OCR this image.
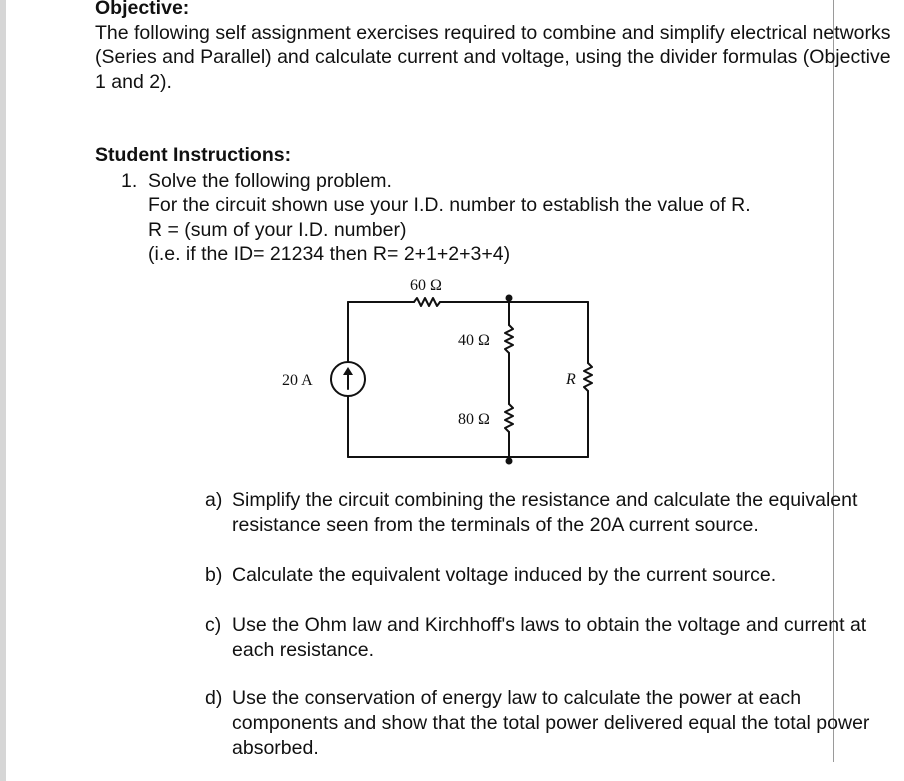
Objective:
The following self assignment exercises required to combine and simplify electrical networks
(Series and Parallel) and calculate current and voltage, using the divider formulas (Objective
1 and 2).
Student Instructions:
1. Solve the following problem.
For the circuit shown use your I.D. number to establish the value of R.
R = (sum of your I.D. number)
(i.e. if the ID= 21234 then R= 2+1+2+3+4)
60 Ω
40 Ω
80 Ω
R
20 A
a) Simplify the circuit combining the resistance and calculate the equivalent
resistance seen from the terminals of the 20A current source.
b) Calculate the equivalent voltage induced by the current source.
c) Use the Ohm law and Kirchhoff's laws to obtain the voltage and current at
each resistance.
d) Use the conservation of energy law to calculate the power at each
components and show that the total power delivered equal the total power
absorbed.
